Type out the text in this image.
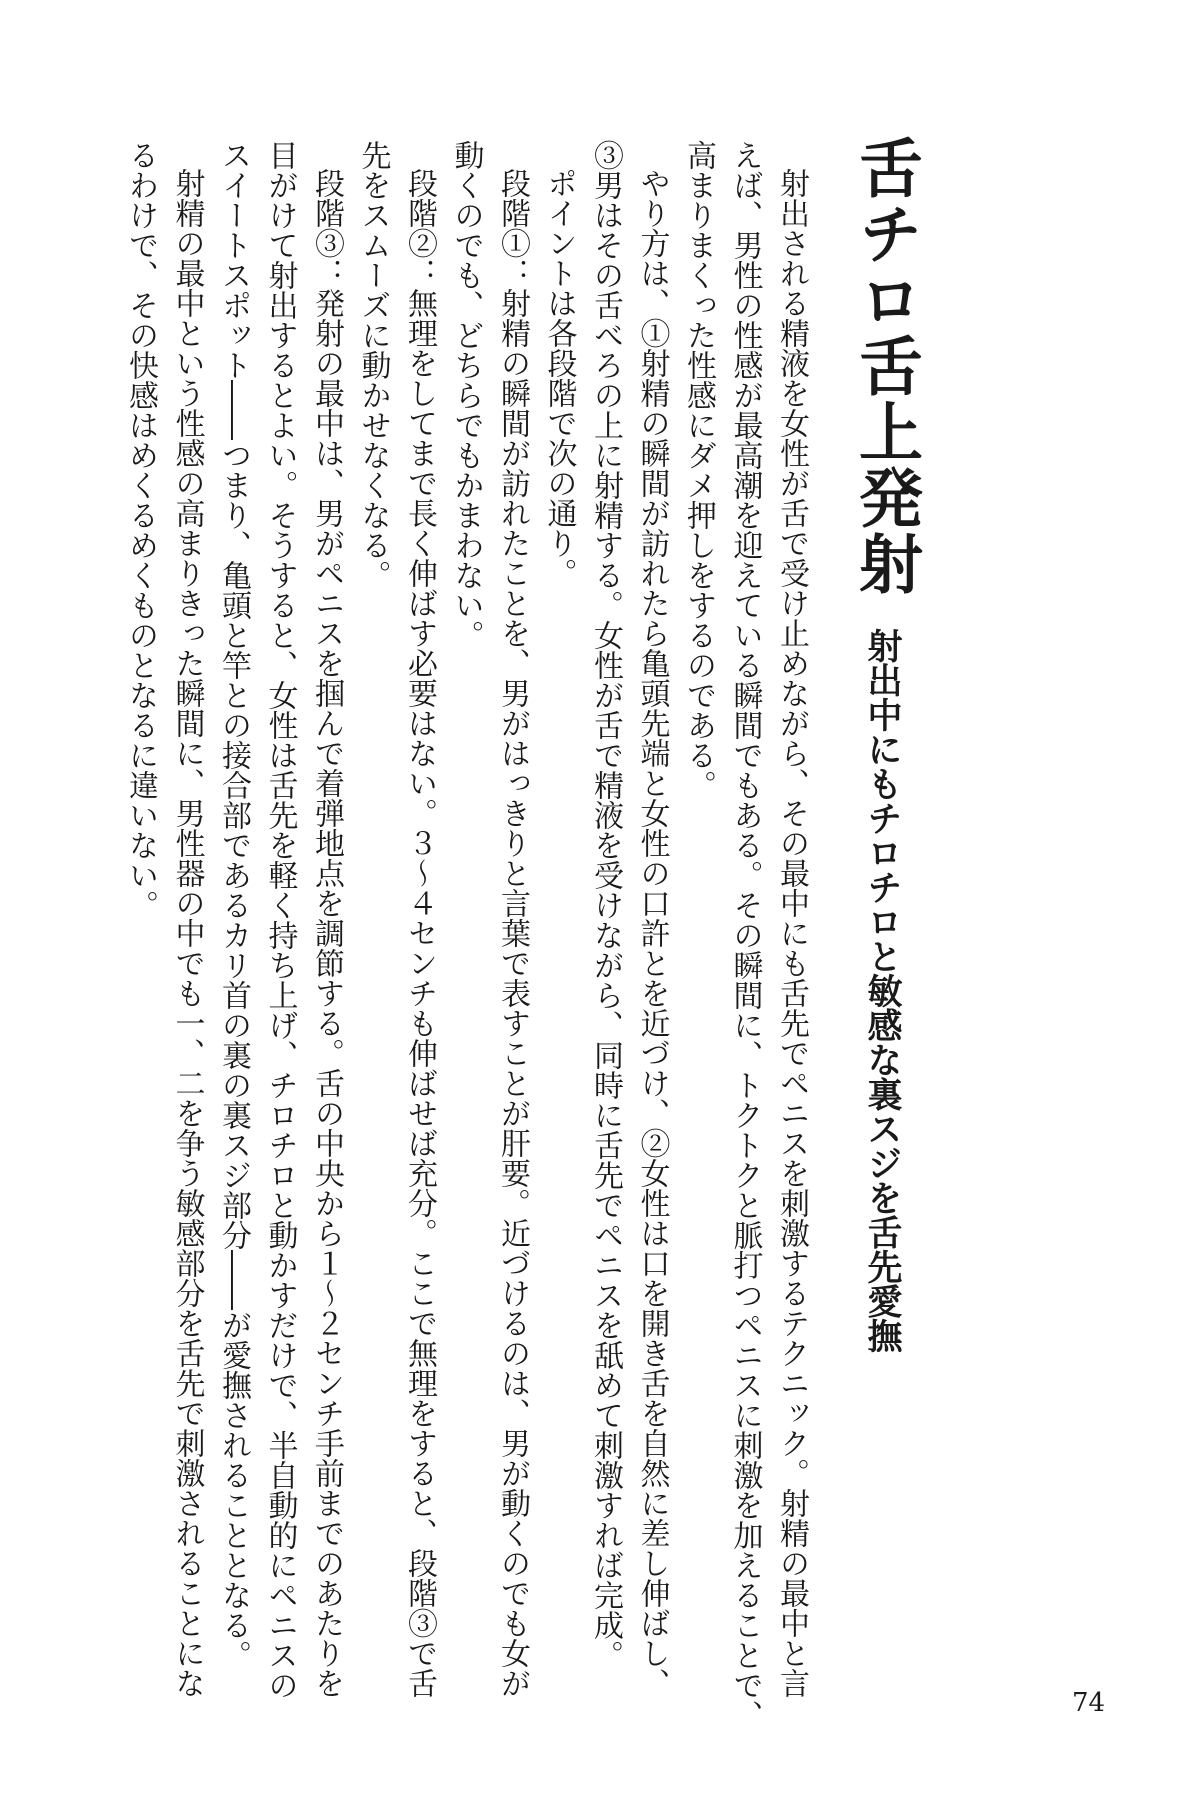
舌チロ舌上発射
射出中にもチロチロと敏感な裏スジを舌先愛撫
射出される精液を女性が舌で受け止めながら、その最中にも舌先でペニスを刺激するテクニック。射精の最中と言
えば、男性の性感が最高潮を迎えている瞬間でもある。その瞬間に、トクトクと脈打つペニスに刺激を加えることで、
高まりまくった性感にダメ押しをするのである。
やり方は、①射精の瞬間が訪れたら亀頭先端と女性の口許とを近づけ、②女性は口を開き舌を自然に差し伸ばし、
③男はその舌べろの上に射精する。女性が舌で精液を受けながら、同時に舌先でペニスを舐めて刺激すれば完成。
ポイントは各段階で次の通り。
段階①：射精の瞬間が訪れたことを、男がはっきりと言葉で表すことが肝要。近づけるのは、男が動くのでも女が
動くのでも、どちらでもかまわない。
段階②：無理をしてまで長く伸ばす必要はない。３～４センチも伸ばせば充分。ここで無理をすると、段階③で舌
先をスムーズに動かせなくなる。
段階③：発射の最中は、男がペニスを掴んで着弾地点を調節する。舌の中央から１～２センチ手前までのあたりを
目がけて射出するとよい。そうすると、女性は舌先を軽く持ち上げ、チロチロと動かすだけで、半自動的にペニスの
スイートスポット――つまり、亀頭と竿との接合部であるカリ首の裏の裏スジ部分――が愛撫されることとなる。
射精の最中という性感の高まりきった瞬間に、男性器の中でも一、二を争う敏感部分を舌先で刺激されることにな
るわけで、その快感はめくるめくものとなるに違いない。
74
